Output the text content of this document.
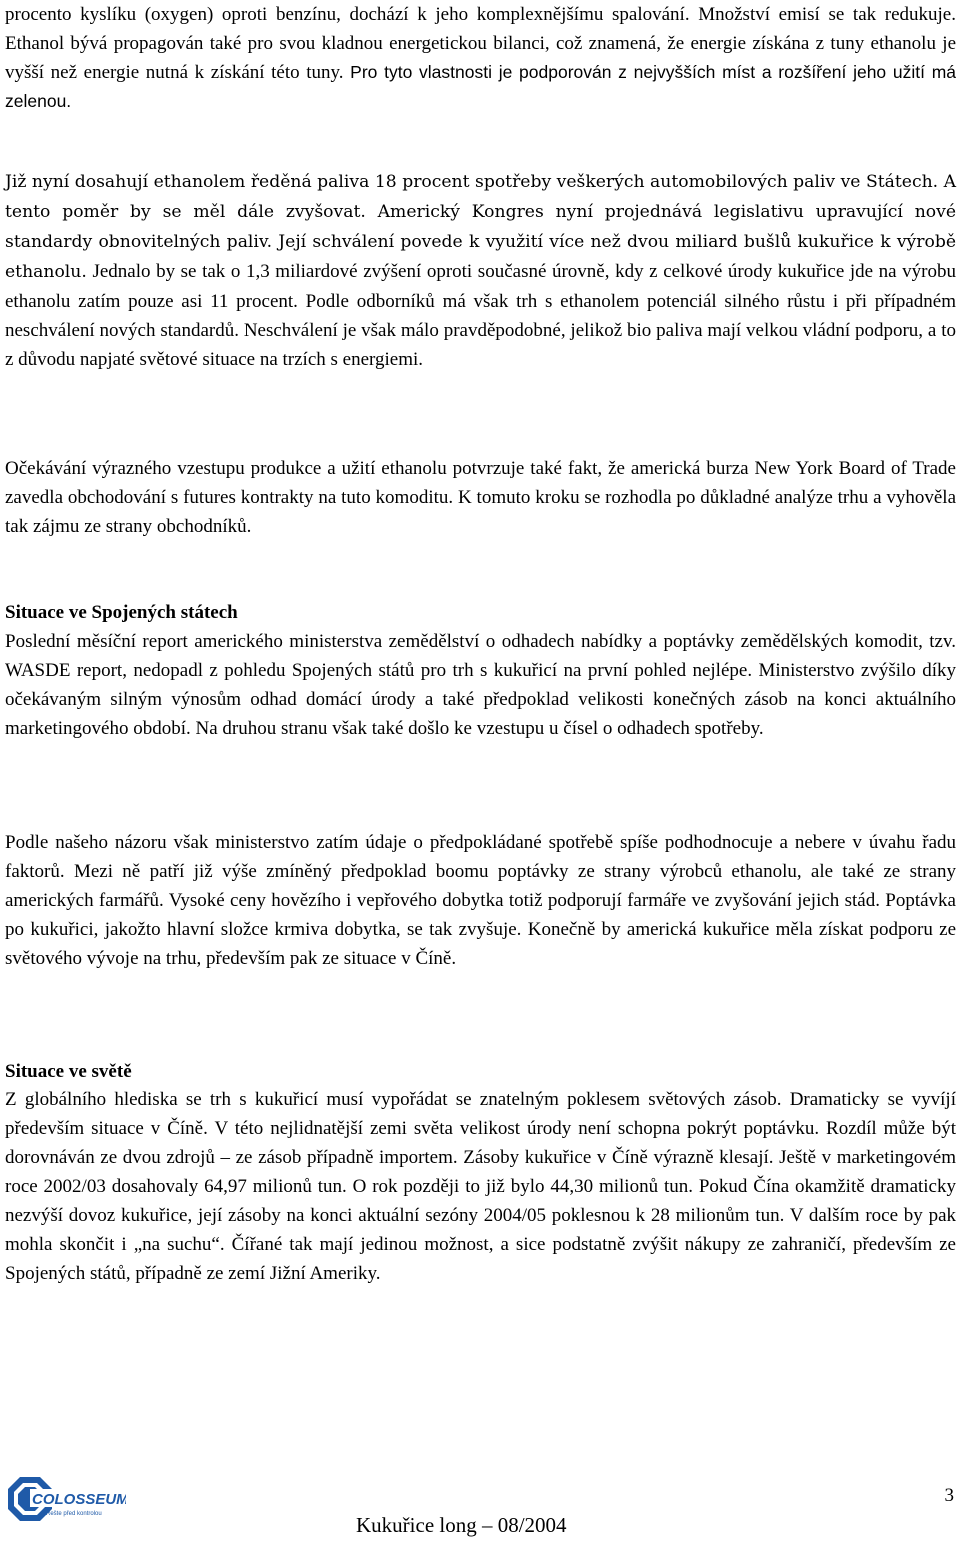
procento kyslíku (oxygen) oproti benzínu, dochází k jeho komplexnějšímu spalování. Množství emisí se tak redukuje. Ethanol bývá propagován také pro svou kladnou energetickou bilanci, což znamená, že energie získána z tuny ethanolu je vyšší než energie nutná k získání této tuny. Pro tyto vlastnosti je podporován z nejvyšších míst a rozšíření jeho užití má zelenou.

Již nyní dosahují ethanolem ředěná paliva 18 procent spotřeby veškerých automobilových paliv ve Státech. A tento poměr by se měl dále zvyšovat. Americký Kongres nyní projednává legislativu upravující nové standardy obnovitelných paliv. Její schválení povede k využití více než dvou miliard bušlů kukuřice k výrobě ethanolu. Jednalo by se tak o 1,3 miliardové zvýšení oproti současné úrovně, kdy z celkové úrody kukuřice jde na výrobu ethanolu zatím pouze asi 11 procent. Podle odborníků má však trh s ethanolem potenciál silného růstu i při případném neschválení nových standardů. Neschválení je však málo pravděpodobné, jelikož bio paliva mají velkou vládní podporu, a to z důvodu napjaté světové situace na trzích s energiemi.

Očekávání výrazného vzestupu produkce a užití ethanolu potvrzuje také fakt, že americká burza New York Board of Trade zavedla obchodování s futures kontrakty na tuto komoditu. K tomuto kroku se rozhodla po důkladné analýze trhu a vyhověla tak zájmu ze strany obchodníků.

Situace ve Spojených státech

Poslední měsíční report amerického ministerstva zemědělství o odhadech nabídky a poptávky zemědělských komodit, tzv. WASDE report, nedopadl z pohledu Spojených států pro trh s kukuřicí na první pohled nejlépe. Ministerstvo zvýšilo díky očekávaným silným výnosům odhad domácí úrody a také předpoklad velikosti konečných zásob na konci aktuálního marketingového období. Na druhou stranu však také došlo ke vzestupu u čísel o odhadech spotřeby.

Podle našeho názoru však ministerstvo zatím údaje o předpokládané spotřebě spíše podhodnocuje a nebere v úvahu řadu faktorů. Mezi ně patří již výše zmíněný předpoklad boomu poptávky ze strany výrobců ethanolu, ale také ze strany amerických farmářů. Vysoké ceny hovězího i vepřového dobytka totiž podporují farmáře ve zvyšování jejich stád. Poptávka po kukuřici, jakožto hlavní složce krmiva dobytka, se tak zvyšuje. Konečně by americká kukuřice měla získat podporu ze světového vývoje na trhu, především pak ze situace v Číně.

Situace ve světě

Z globálního hlediska se trh s kukuřicí musí vypořádat se znatelným poklesem světových zásob. Dramaticky se vyvíjí především situace v Číně. V této nejlidnatější zemi světa velikost úrody není schopna pokrýt poptávku. Rozdíl může být dorovnáván ze dvou zdrojů – ze zásob případně importem. Zásoby kukuřice v Číně výrazně klesají. Ještě v marketingovém roce 2002/03 dosahovaly 64,97 milionů tun. O rok později to již bylo 44,30 milionů tun. Pokud Čína okamžitě dramaticky nezvýší dovoz kukuřice, její zásoby na konci aktuální sezóny 2004/05 poklesnou k 28 milionům tun. V dalším roce by pak mohla skončit i „na suchu“. Čířané tak mají jedinou možnost, a sice podstatně zvýšit nákupy ze zahraničí, především ze Spojených států, případně ze zemí Jižní Ameriky.

COLOSSEUM
Řešte před kontrolou
3
Kukuřice long – 08/2004
